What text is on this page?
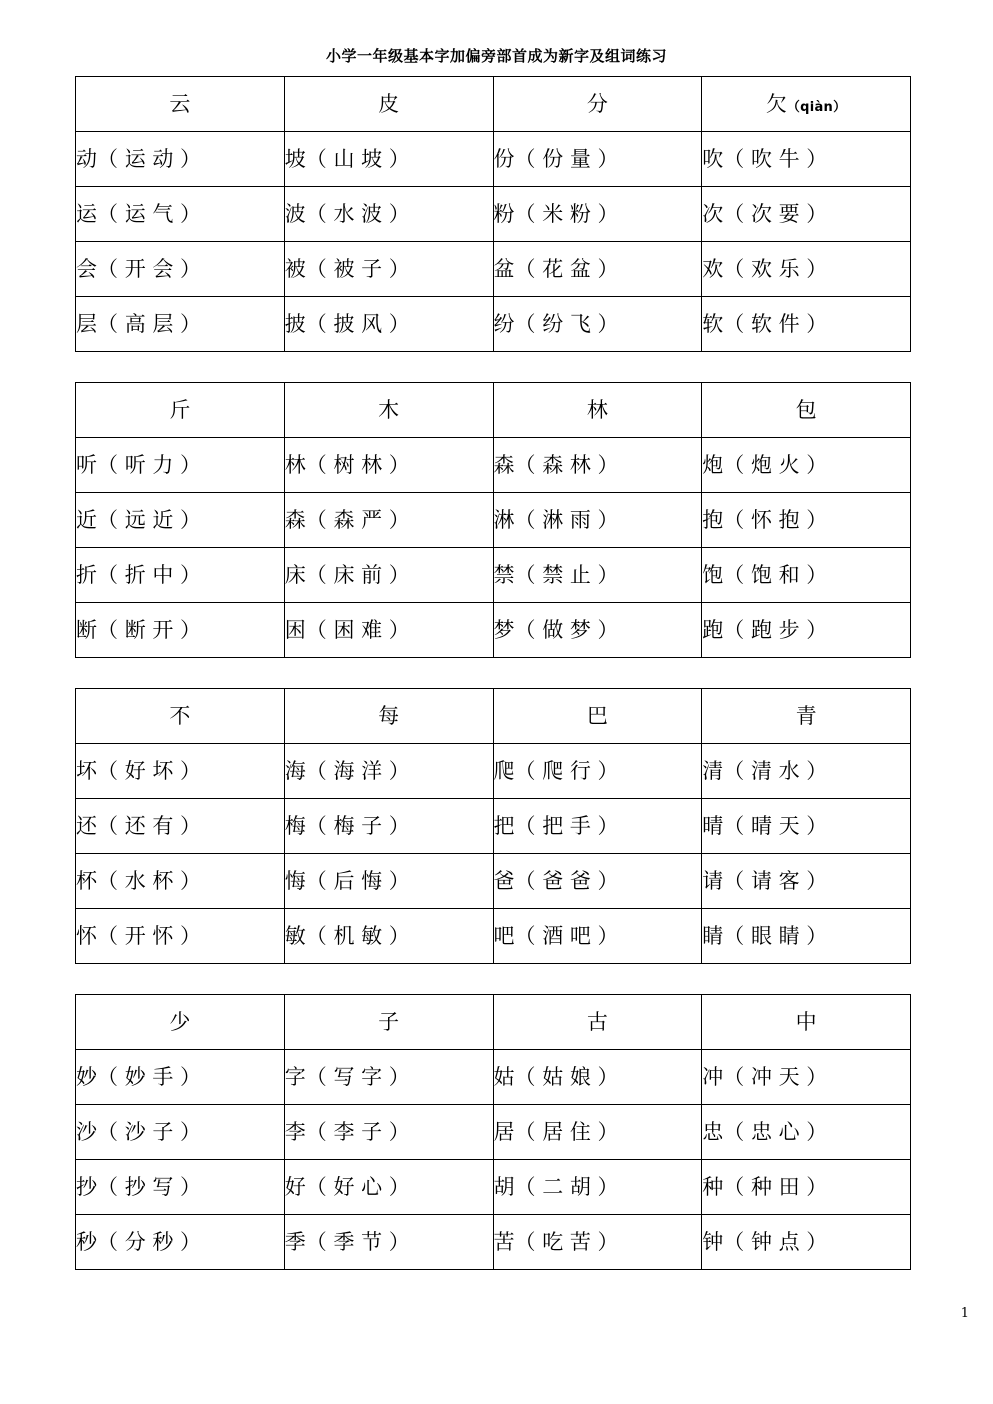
小学一年级基本字加偏旁部首成为新字及组词练习
云	皮	分	欠（qiàn）
动（ 运 动 ）	坡（ 山 坡 ）	份（ 份 量 ）	吹（ 吹 牛 ）
运（ 运 气 ）	波（ 水 波 ）	粉（ 米 粉 ）	次（ 次 要 ）
会（ 开 会 ）	被（ 被 子 ）	盆（ 花 盆 ）	欢（ 欢 乐 ）
层（ 高 层 ）	披（ 披 风 ）	纷（ 纷 飞 ）	软（ 软 件 ）
斤	木	林	包
听（ 听 力 ）	林（ 树 林 ）	森（ 森 林 ）	炮（ 炮 火 ）
近（ 远 近 ）	森（ 森 严 ）	淋（ 淋 雨 ）	抱（ 怀 抱 ）
折（ 折 中 ）	床（ 床 前 ）	禁（ 禁 止 ）	饱（ 饱 和 ）
断（ 断 开 ）	困（ 困 难 ）	梦（ 做 梦 ）	跑（ 跑 步 ）
不	每	巴	青
坏（ 好 坏 ）	海（ 海 洋 ）	爬（ 爬 行 ）	清（ 清 水 ）
还（ 还 有 ）	梅（ 梅 子 ）	把（ 把 手 ）	晴（ 晴 天 ）
杯（ 水 杯 ）	悔（ 后 悔 ）	爸（ 爸 爸 ）	请（ 请 客 ）
怀（ 开 怀 ）	敏（ 机 敏 ）	吧（ 酒 吧 ）	睛（ 眼 睛 ）
少	子	古	中
妙（ 妙 手 ）	字（ 写 字 ）	姑（ 姑 娘 ）	冲（ 冲 天 ）
沙（ 沙 子 ）	李（ 李 子 ）	居（ 居 住 ）	忠（ 忠 心 ）
抄（ 抄 写 ）	好（ 好 心 ）	胡（ 二 胡 ）	种（ 种 田 ）
秒（ 分 秒 ）	季（ 季 节 ）	苦（ 吃 苦 ）	钟（ 钟 点 ）
1
